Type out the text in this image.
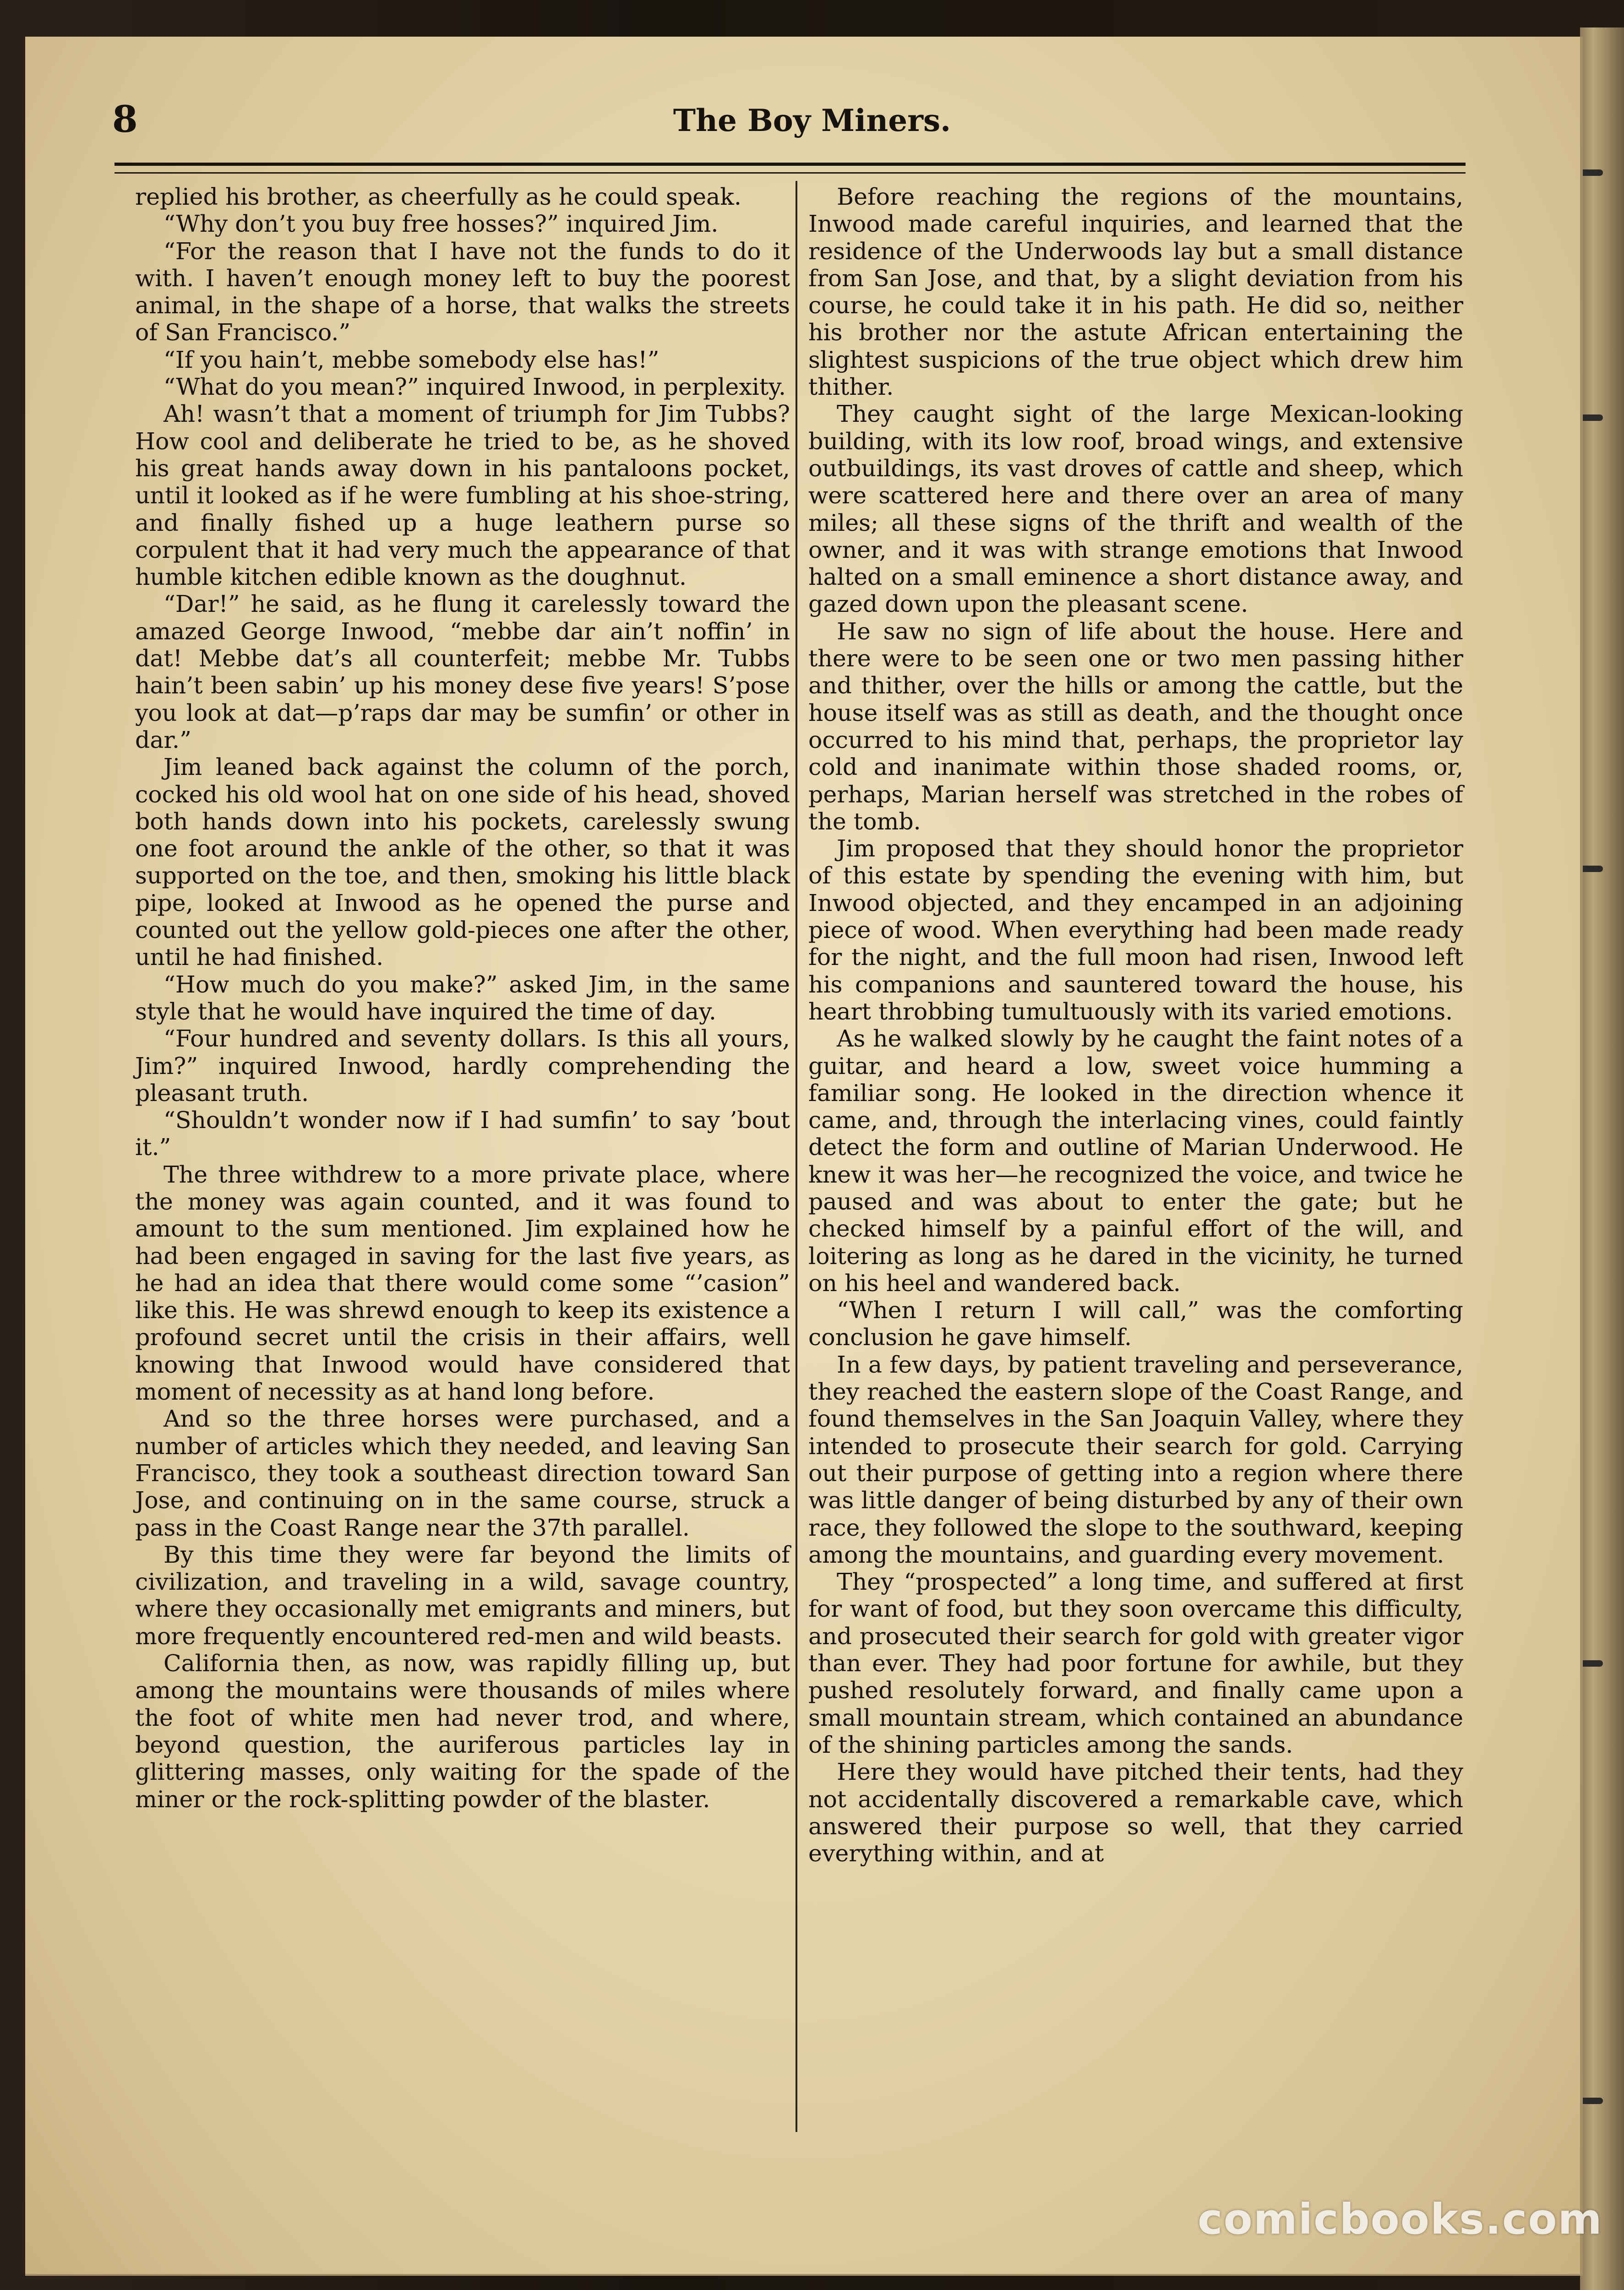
8	The Boy Miners.

replied his brother, as cheerfully as he could speak.

“Why don’t you buy free hosses?” inquired Jim.

“For the reason that I have not the funds to do it with. I haven’t enough money left to buy the poorest animal, in the shape of a horse, that walks the streets of San Francisco.”

“If you hain’t, mebbe somebody else has!”

“What do you mean?” inquired Inwood, in perplexity.

Ah! wasn’t that a moment of triumph for Jim Tubbs? How cool and deliberate he tried to be, as he shoved his great hands away down in his pantaloons pocket, until it looked as if he were fumbling at his shoe-string, and finally fished up a huge leathern purse so corpulent that it had very much the appearance of that humble kitchen edible known as the doughnut.

“Dar!” he said, as he flung it carelessly toward the amazed George Inwood, “mebbe dar ain’t noffin’ in dat! Mebbe dat’s all counterfeit; mebbe Mr. Tubbs hain’t been sabin’ up his money dese five years! S’pose you look at dat—p’raps dar may be sumfin’ or other in dar.”

Jim leaned back against the column of the porch, cocked his old wool hat on one side of his head, shoved both hands down into his pockets, carelessly swung one foot around the ankle of the other, so that it was supported on the toe, and then, smoking his little black pipe, looked at Inwood as he opened the purse and counted out the yellow gold-pieces one after the other, until he had finished.

“How much do you make?” asked Jim, in the same style that he would have inquired the time of day.

“Four hundred and seventy dollars. Is this all yours, Jim?” inquired Inwood, hardly comprehending the pleasant truth.

“Shouldn’t wonder now if I had sumfin’ to say ’bout it.”

The three withdrew to a more private place, where the money was again counted, and it was found to amount to the sum mentioned. Jim explained how he had been engaged in saving for the last five years, as he had an idea that there would come some “’casion” like this. He was shrewd enough to keep its existence a profound secret until the crisis in their affairs, well knowing that Inwood would have considered that moment of necessity as at hand long before.

And so the three horses were purchased, and a number of articles which they needed, and leaving San Francisco, they took a southeast direction toward San Jose, and continuing on in the same course, struck a pass in the Coast Range near the 37th parallel.

By this time they were far beyond the limits of civilization, and traveling in a wild, savage country, where they occasionally met emigrants and miners, but more frequently encountered red-men and wild beasts.

California then, as now, was rapidly filling up, but among the mountains were thousands of miles where the foot of white men had never trod, and where, beyond question, the auriferous particles lay in glittering masses, only waiting for the spade of the miner or the rock-splitting powder of the blaster.

Before reaching the regions of the mountains, Inwood made careful inquiries, and learned that the residence of the Underwoods lay but a small distance from San Jose, and that, by a slight deviation from his course, he could take it in his path. He did so, neither his brother nor the astute African entertaining the slightest suspicions of the true object which drew him thither.

They caught sight of the large Mexican-looking building, with its low roof, broad wings, and extensive outbuildings, its vast droves of cattle and sheep, which were scattered here and there over an area of many miles; all these signs of the thrift and wealth of the owner, and it was with strange emotions that Inwood halted on a small eminence a short distance away, and gazed down upon the pleasant scene.

He saw no sign of life about the house. Here and there were to be seen one or two men passing hither and thither, over the hills or among the cattle, but the house itself was as still as death, and the thought once occurred to his mind that, perhaps, the proprietor lay cold and inanimate within those shaded rooms, or, perhaps, Marian herself was stretched in the robes of the tomb.

Jim proposed that they should honor the proprietor of this estate by spending the evening with him, but Inwood objected, and they encamped in an adjoining piece of wood. When everything had been made ready for the night, and the full moon had risen, Inwood left his companions and sauntered toward the house, his heart throbbing tumultuously with its varied emotions.

As he walked slowly by he caught the faint notes of a guitar, and heard a low, sweet voice humming a familiar song. He looked in the direction whence it came, and, through the interlacing vines, could faintly detect the form and outline of Marian Underwood. He knew it was her—he recognized the voice, and twice he paused and was about to enter the gate; but he checked himself by a painful effort of the will, and loitering as long as he dared in the vicinity, he turned on his heel and wandered back.

“When I return I will call,” was the comforting conclusion he gave himself.

In a few days, by patient traveling and perseverance, they reached the eastern slope of the Coast Range, and found themselves in the San Joaquin Valley, where they intended to prosecute their search for gold. Carrying out their purpose of getting into a region where there was little danger of being disturbed by any of their own race, they followed the slope to the southward, keeping among the mountains, and guarding every movement.

They “prospected” a long time, and suffered at first for want of food, but they soon overcame this difficulty, and prosecuted their search for gold with greater vigor than ever. They had poor fortune for awhile, but they pushed resolutely forward, and finally came upon a small mountain stream, which contained an abundance of the shining particles among the sands.

Here they would have pitched their tents, had they not accidentally discovered a remarkable cave, which answered their purpose so well, that they carried everything within, and at

comicbooks.com
